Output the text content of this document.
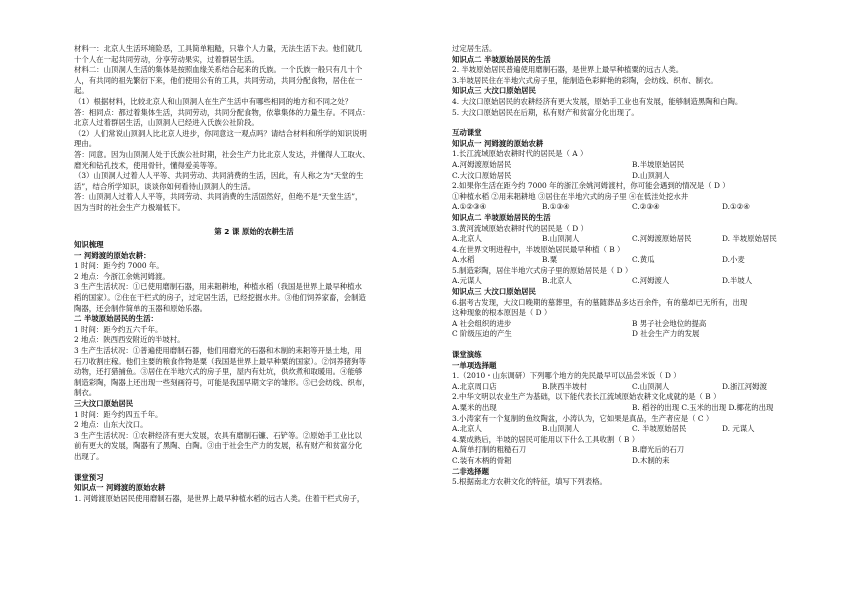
材料一：北京人生活环境险恶，工具简单粗糙，只靠个人力量，无法生活下去。他们就几

十个人在一起共同劳动，分享劳动果实，过着群居生活。

材料二：山顶洞人生活的集体是按照血缘关系结合起来的氏族。一个氏族一般只有几十个

人，有共同的祖先繁衍下来，他们使用公有的工具，共同劳动，共同分配食物，居住在一

起。

（1）根据材料，比较北京人和山顶洞人在生产生活中有哪些相同的地方和不同之处？

答：相同点：都过着集体生活，共同劳动，共同分配食物，依靠集体的力量生存。不同点：

北京人过着群居生活，山顶洞人已经进入氏族公社阶段。

（2）人们常说山顶洞人比北京人进步，你同意这一观点吗？请结合材料和所学的知识说明

理由。

答：同意。因为山顶洞人处于氏族公社时期，社会生产力比北京人发达，并懂得人工取火、

磨光和钻孔技术，使用骨针，懂得爱美等等。

（3）山顶洞人过着人人平等、共同劳动、共同消费的生活，因此，有人称之为“天堂的生

活”，结合所学知识，谈谈你如何看待山顶洞人的生活。

答：山顶洞人过着人人平等，共同劳动、共同消费的生活固然好，但绝不是“天堂生活”，

因为当时的社会生产力极端低下。

第 2 课 原始的农耕生活

知识梳理

一 河姆渡的原始农耕：

1 时间：距今约 7000 年。

2 地点：今浙江余姚河姆渡。

3 生产生活状况：①已使用磨制石器，用耒耜耕地，种植水稻（我国是世界上最早种植水

稻的国家）。②住在干栏式的房子，过定居生活，已经挖掘水井。③他们饲养家畜，会制造

陶器，还会制作简单的玉器和原始乐器。

二 半坡原始居民的生活：

1 时间：距今约五六千年。

2 地点：陕西西安附近的半坡村。

3 生产生活状况：①普遍使用磨制石器，他们用磨光的石器和木制的耒耜等开垦土地，用

石刀收割庄稼。他们主要的粮食作物是粟（我国是世界上最早种粟的国家）。②饲养猪狗等

动物，还打猎捕鱼。③居住在半地穴式的房子里，屋内有灶坑，供炊煮和取暖用。④能够

制造彩陶，陶器上还出现一些刻画符号，可能是我国早期文字的雏形。⑤已会纺线、织布，

制衣。

三大汶口原始居民

1 时间：距今约四五千年。

2 地点：山东大汶口。

3 生产生活状况：①农耕经济有更大发展，农具有磨制石镰、石铲等。②原始手工业比以

前有更大的发展，陶器有了黑陶、白陶。③由于社会生产力的发展，私有财产和贫富分化

出现了。

课堂预习

知识点一 河姆渡的原始农耕

1. 河姆渡原始居民使用磨制石器，是世界上最早种植水稻的远古人类。住着干栏式房子，

过定居生活。

知识点二 半坡原始居民的生活

2. 半坡原始居民普遍使用磨制石器，是世界上最早种植粟的远古人类。

3.半坡居民住在半地穴式房子里，能制造色彩鲜艳的彩陶，会纺线、织布、制衣。

知识点三 大汶口原始居民

4. 大汶口原始居民的农耕经济有更大发展，原始手工业也有发展，能够制造黑陶和白陶。

5. 大汶口原始居民在后期，私有财产和贫富分化出现了。

互动课堂

知识点一 河姆渡的原始农耕

1.长江流域原始农耕时代的居民是（ A ）

A.河姆渡原始居民	B.半坡原始居民
C.大汶口原始居民	D.山顶洞人

2.如果你生活在距今约 7000 年的浙江余姚河姆渡村，你可能会遇到的情况是（ D ）

①种植水稻 ②用耒耜耕地 ③居住在半地穴式的房子里 ④在低洼处挖水井

A.①②③④	B.①③④	C.②③④	D.①②④

知识点二 半坡原始居民的生活

3.黄河流域原始农耕时代的居民是（ D ）

A.北京人	B.山顶洞人	C.河姆渡原始居民	D. 半坡原始居民

4.在世界文明进程中，半坡原始居民最早种植（ B ）

A.水稻	B.粟	C.黄瓜	D.小麦

5.制造彩陶，居住半地穴式房子里的原始居民是（ D ）

A.元谋人	B.北京人	C.河姆渡人	D.半坡人

知识点三 大汶口原始居民

6.据考古发现，大汶口晚期的墓葬里，有的墓随葬品多达百余件，有的墓却已无所有，出现

这种现象的根本原因是（ D ）

A 社会组织的进步	B 男子社会地位的提高
C 阶级压迫的产生	D 社会生产力的发展

课堂演练

一单项选择题

1.（2010・山东调研）下列哪个地方的先民最早可以品尝米饭（ D ）

A.北京周口店	B.陕西半坡村	C.山顶洞人	D.浙江河姆渡

2.中华文明以农业生产为基础，以下能代表长江流域原始农耕文化成就的是（ B ）

A.粟米的出现	B. 稻谷的出现 C.玉米的出现 D.椰花的出现

3.小涛家有一个复制的鱼纹陶盆，小涛认为，它如果是真品，生产者应是（ C ）

A.北京人	B.山顶洞人	C. 半坡原始居民	D. 元谋人

4.粟成熟后，半坡的居民可能用以下什么工具收割（ B ）

A.简单打制的粗糙石刀	B.磨光后的石刀
C.装有木柄的骨耜	D.木制的耒

二非选择题

5.根据南北方农耕文化的特征，填写下列表格。
